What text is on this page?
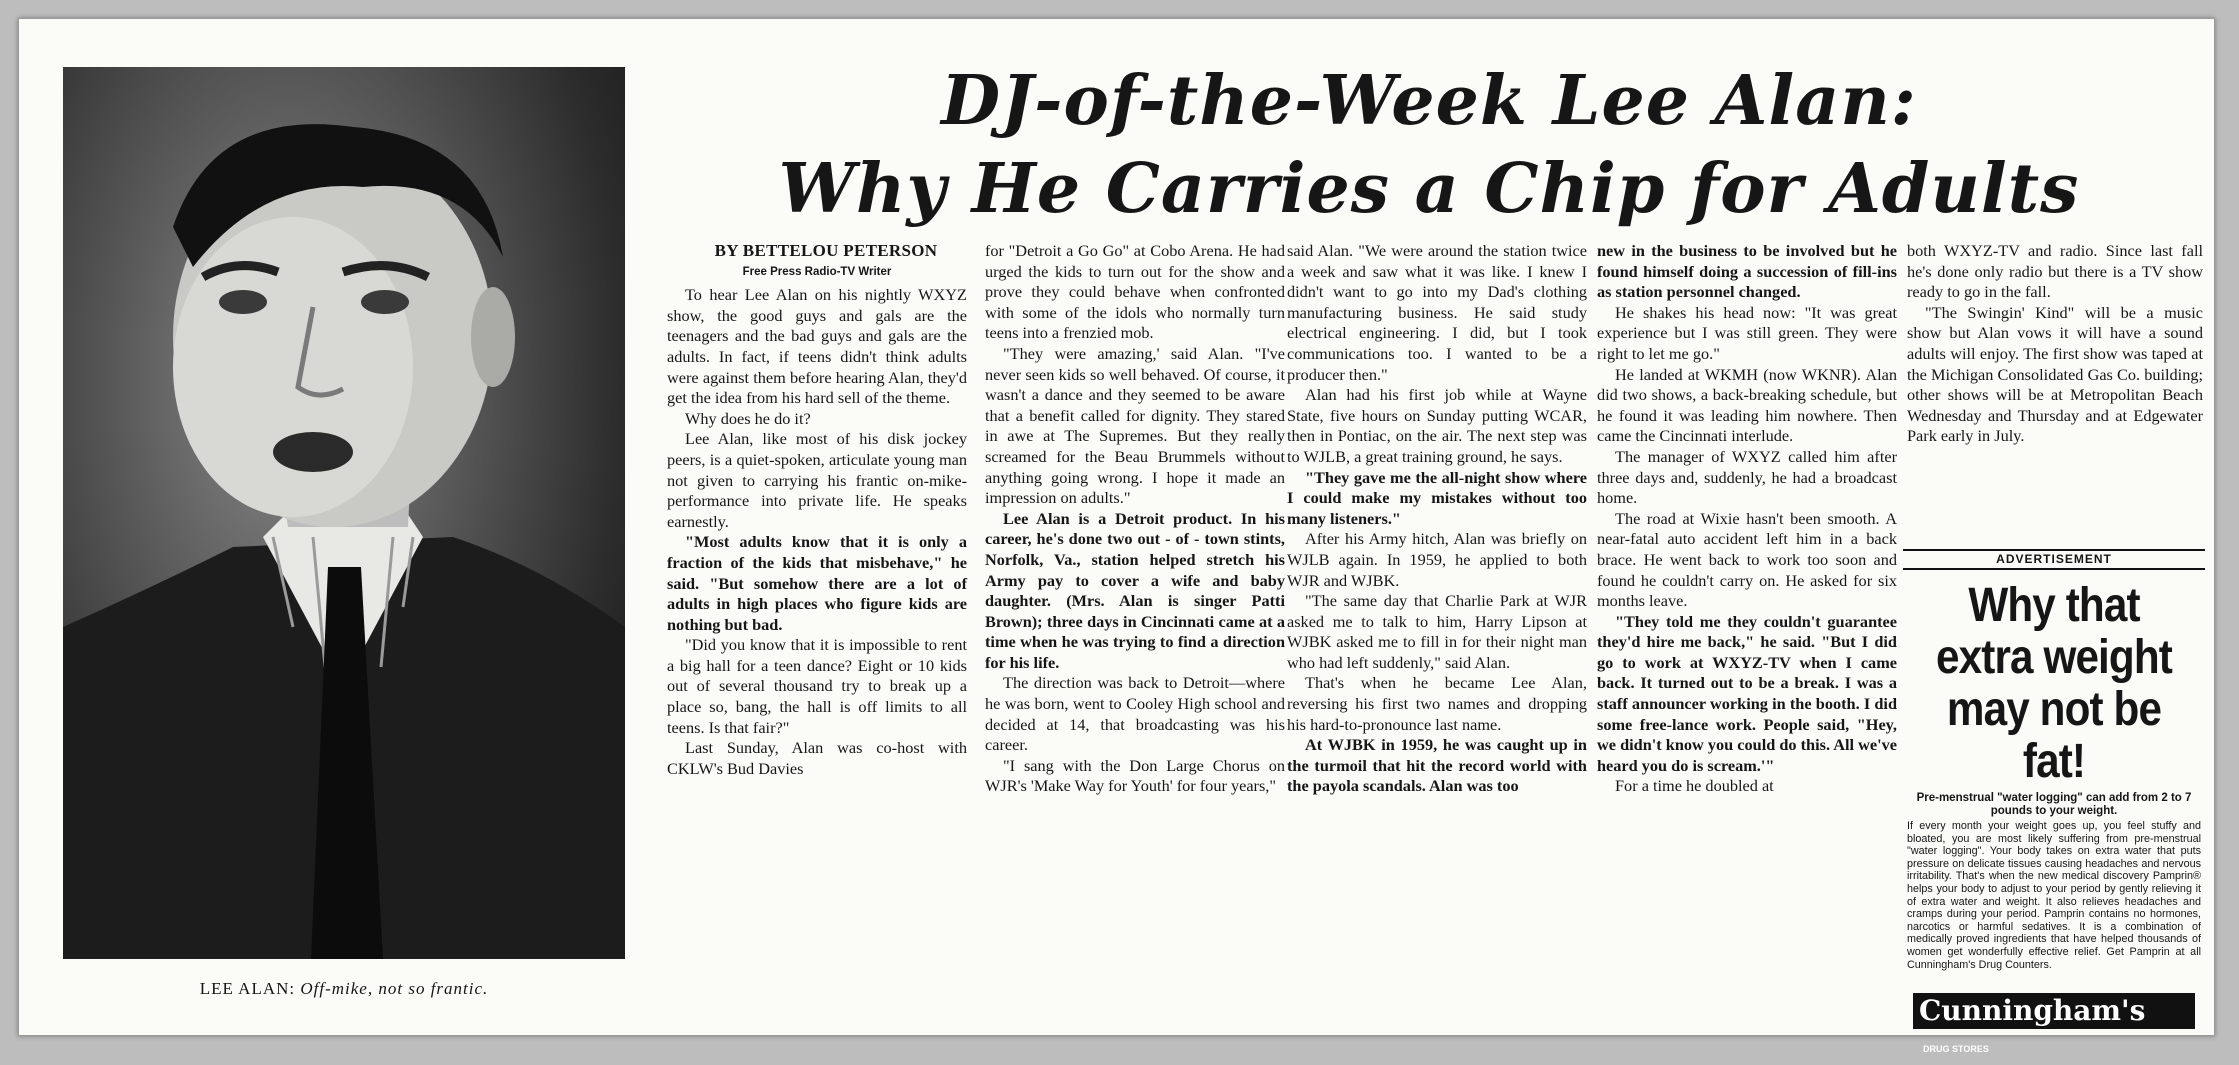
LEE ALAN: Off-mike, not so frantic.
DJ-of-the-Week Lee Alan:
Why He Carries a Chip for Adults

BY BETTELOU PETERSON

Free Press Radio-TV Writer

To hear Lee Alan on his nightly WXYZ show, the good guys and gals are the teenagers and the bad guys and gals are the adults. In fact, if teens didn't think adults were against them before hearing Alan, they'd get the idea from his hard sell of the theme.

Why does he do it?

Lee Alan, like most of his disk jockey peers, is a quiet-spoken, articulate young man not given to carrying his frantic on-mike-performance into private life. He speaks earnestly.

"Most adults know that it is only a fraction of the kids that misbehave," he said. "But somehow there are a lot of adults in high places who figure kids are nothing but bad.

"Did you know that it is impossible to rent a big hall for a teen dance? Eight or 10 kids out of several thousand try to break up a place so, bang, the hall is off limits to all teens. Is that fair?"

Last Sunday, Alan was co-host with CKLW's Bud Davies

for "Detroit a Go Go" at Cobo Arena. He had urged the kids to turn out for the show and prove they could behave when confronted with some of the idols who normally turn teens into a frenzied mob.

"They were amazing,' said Alan. "I've never seen kids so well behaved. Of course, it wasn't a dance and they seemed to be aware that a benefit called for dignity. They stared in awe at The Supremes. But they really screamed for the Beau Brummels without anything going wrong. I hope it made an impression on adults."

Lee Alan is a Detroit product. In his career, he's done two out - of - town stints, Norfolk, Va., station helped stretch his Army pay to cover a wife and baby daughter. (Mrs. Alan is singer Patti Brown); three days in Cincinnati came at a time when he was trying to find a direction for his life.

The direction was back to Detroit—where he was born, went to Cooley High school and decided at 14, that broadcasting was his career.

"I sang with the Don Large Chorus on WJR's 'Make Way for Youth' for four years,"

said Alan. "We were around the station twice a week and saw what it was like. I knew I didn't want to go into my Dad's clothing manufacturing business. He said study electrical engineering. I did, but I took communications too. I wanted to be a producer then."

Alan had his first job while at Wayne State, five hours on Sunday putting WCAR, then in Pontiac, on the air. The next step was to WJLB, a great training ground, he says.

"They gave me the all-night show where I could make my mistakes without too many listeners."

After his Army hitch, Alan was briefly on WJLB again. In 1959, he applied to both WJR and WJBK.

"The same day that Charlie Park at WJR asked me to talk to him, Harry Lipson at WJBK asked me to fill in for their night man who had left suddenly," said Alan.

That's when he became Lee Alan, reversing his first two names and dropping his hard-to-pronounce last name.

At WJBK in 1959, he was caught up in the turmoil that hit the record world with the payola scandals. Alan was too

new in the business to be involved but he found himself doing a succession of fill-ins as station personnel changed.

He shakes his head now: "It was great experience but I was still green. They were right to let me go."

He landed at WKMH (now WKNR). Alan did two shows, a back-breaking schedule, but he found it was leading him nowhere. Then came the Cincinnati interlude.

The manager of WXYZ called him after three days and, suddenly, he had a broadcast home.

The road at Wixie hasn't been smooth. A near-fatal auto accident left him in a back brace. He went back to work too soon and found he couldn't carry on. He asked for six months leave.

"They told me they couldn't guarantee they'd hire me back," he said. "But I did go to work at WXYZ-TV when I came back. It turned out to be a break. I was a staff announcer working in the booth. I did some free-lance work. People said, "Hey, we didn't know you could do this. All we've heard you do is scream.'"

For a time he doubled at

both WXYZ-TV and radio. Since last fall he's done only radio but there is a TV show ready to go in the fall.

"The Swingin' Kind" will be a music show but Alan vows it will have a sound adults will enjoy. The first show was taped at the Michigan Consolidated Gas Co. building; other shows will be at Metropolitan Beach Wednesday and Thursday and at Edgewater Park early in July.

ADVERTISEMENT
Why that
extra weight
may not be fat!
Pre-menstrual "water logging" can add from 2 to 7 pounds to your weight.
If every month your weight goes up, you feel stuffy and bloated, you are most likely suffering from pre-menstrual "water logging". Your body takes on extra water that puts pressure on delicate tissues causing headaches and nervous irritability. That's when the new medical discovery Pamprin® helps your body to adjust to your period by gently relieving it of extra water and weight. It also relieves headaches and cramps during your period. Pamprin contains no hormones, narcotics or harmful sedatives. It is a combination of medically proved ingredients that have helped thousands of women get wonderfully effective relief. Get Pamprin at all Cunningham's Drug Counters.
Cunningham's DRUG STORES
